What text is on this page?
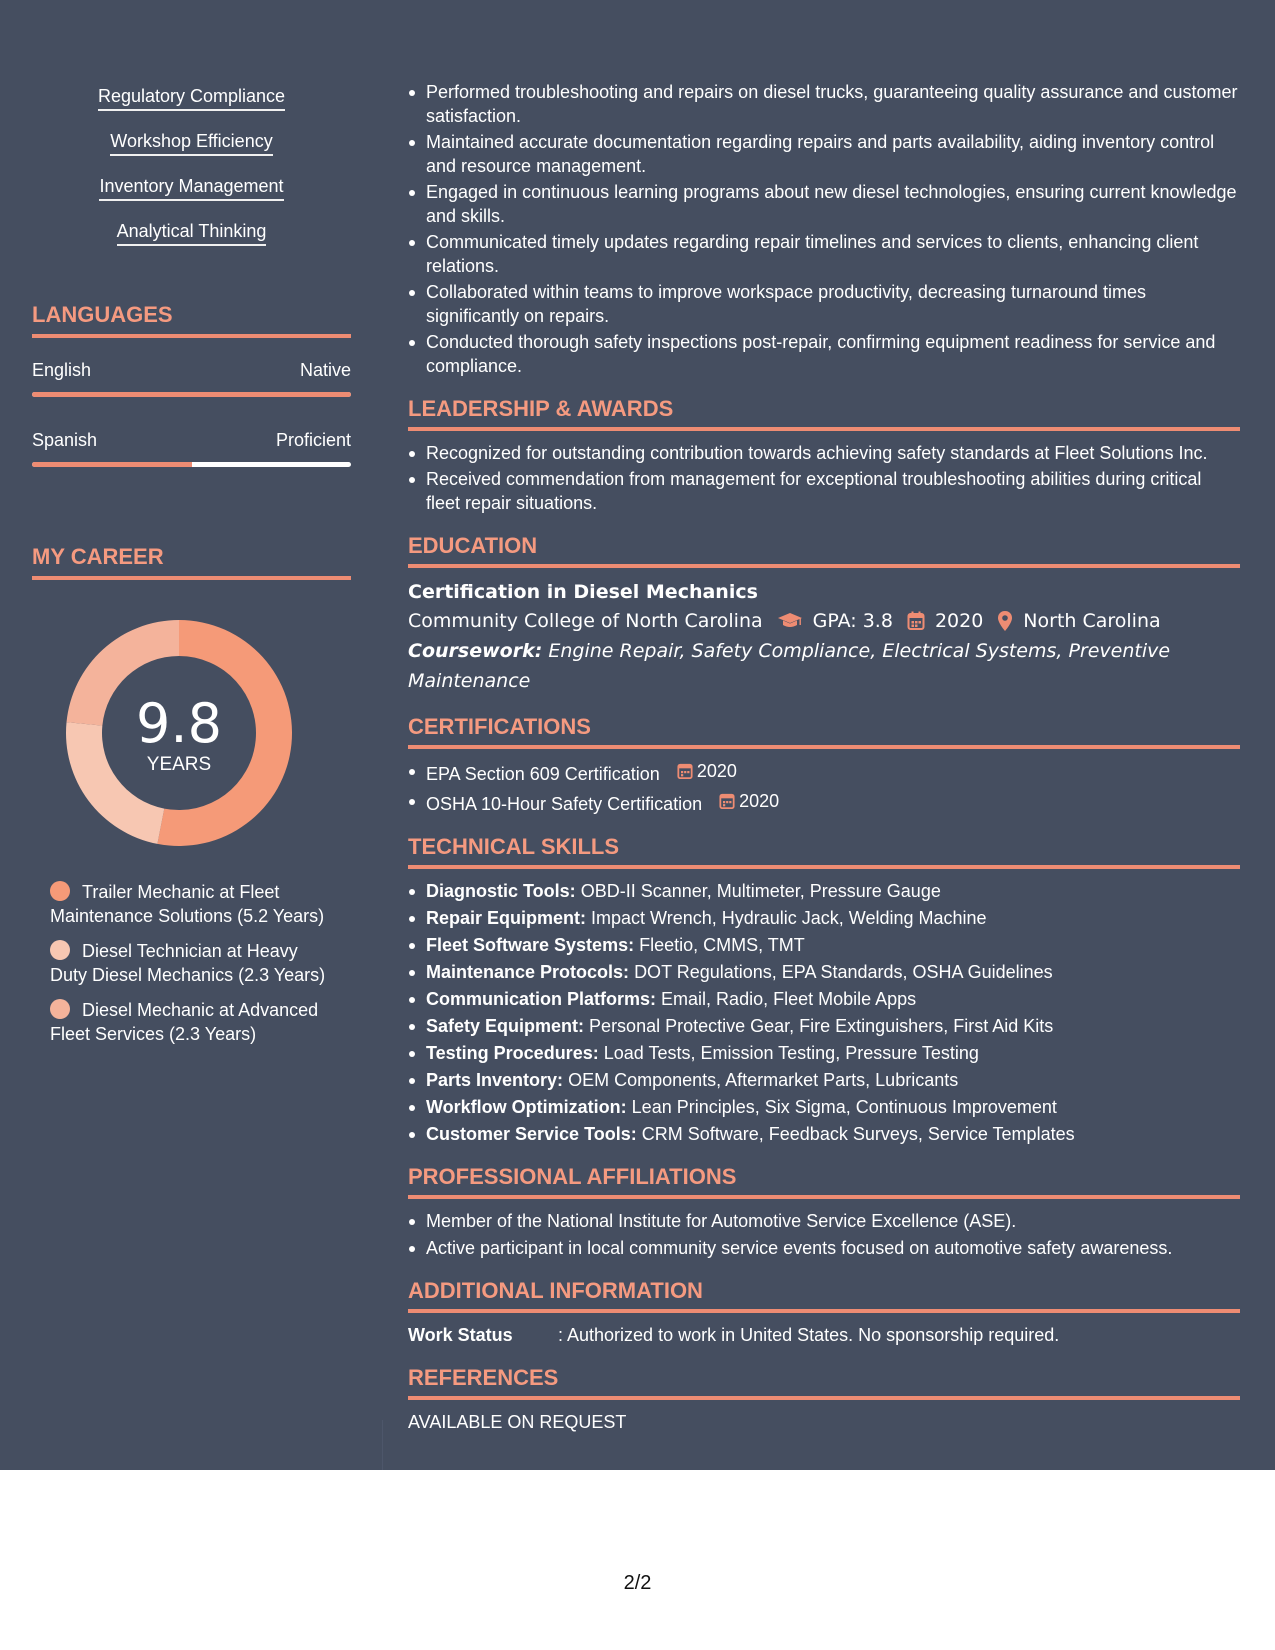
Regulatory Compliance
Workshop Efficiency
Inventory Management
Analytical Thinking
LANGUAGES
English	Native
Spanish	Proficient
MY CAREER
9.8
YEARS
Trailer Mechanic at Fleet Maintenance Solutions (5.2 Years)
Diesel Technician at Heavy Duty Diesel Mechanics (2.3 Years)
Diesel Mechanic at Advanced Fleet Services (2.3 Years)
Performed troubleshooting and repairs on diesel trucks, guaranteeing quality assurance and customer satisfaction.
Maintained accurate documentation regarding repairs and parts availability, aiding inventory control and resource management.
Engaged in continuous learning programs about new diesel technologies, ensuring current knowledge and skills.
Communicated timely updates regarding repair timelines and services to clients, enhancing client relations.
Collaborated within teams to improve workspace productivity, decreasing turnaround times significantly on repairs.
Conducted thorough safety inspections post-repair, confirming equipment readiness for service and compliance.
LEADERSHIP & AWARDS
Recognized for outstanding contribution towards achieving safety standards at Fleet Solutions Inc.
Received commendation from management for exceptional troubleshooting abilities during critical fleet repair situations.
EDUCATION
Certification in Diesel Mechanics
Community College of North Carolina	GPA: 3.8 2020 North Carolina
Coursework: Engine Repair, Safety Compliance, Electrical Systems, Preventive Maintenance
CERTIFICATIONS
EPA Section 609 Certification 2020
OSHA 10-Hour Safety Certification 2020
TECHNICAL SKILLS
Diagnostic Tools: OBD-II Scanner, Multimeter, Pressure Gauge
Repair Equipment: Impact Wrench, Hydraulic Jack, Welding Machine
Fleet Software Systems: Fleetio, CMMS, TMT
Maintenance Protocols: DOT Regulations, EPA Standards, OSHA Guidelines
Communication Platforms: Email, Radio, Fleet Mobile Apps
Safety Equipment: Personal Protective Gear, Fire Extinguishers, First Aid Kits
Testing Procedures: Load Tests, Emission Testing, Pressure Testing
Parts Inventory: OEM Components, Aftermarket Parts, Lubricants
Workflow Optimization: Lean Principles, Six Sigma, Continuous Improvement
Customer Service Tools: CRM Software, Feedback Surveys, Service Templates
PROFESSIONAL AFFILIATIONS
Member of the National Institute for Automotive Service Excellence (ASE).
Active participant in local community service events focused on automotive safety awareness.
ADDITIONAL INFORMATION
Work Status	: Authorized to work in United States. No sponsorship required.
REFERENCES
AVAILABLE ON REQUEST
2/2
